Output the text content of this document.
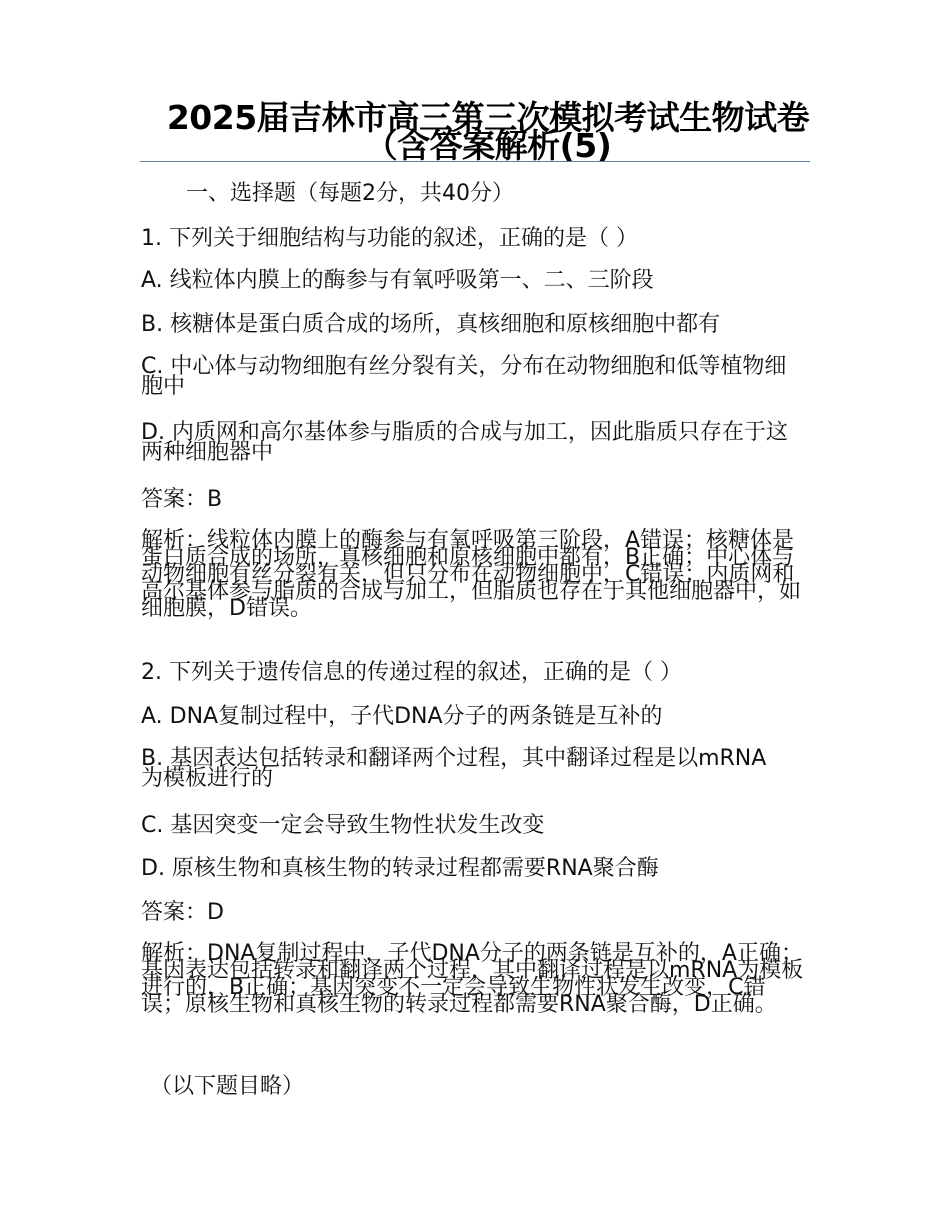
2025届吉林市高三第三次模拟考试生物试卷（含答案解析(5)
一、选择题（每题2分，共40分）
1. 下列关于细胞结构与功能的叙述，正确的是（ ）
A. 线粒体内膜上的酶参与有氧呼吸第一、二、三阶段
B. 核糖体是蛋白质合成的场所，真核细胞和原核细胞中都有
C. 中心体与动物细胞有丝分裂有关，分布在动物细胞和低等植物细胞中
D. 内质网和高尔基体参与脂质的合成与加工，因此脂质只存在于这两种细胞器中
答案：B
解析：线粒体内膜上的酶参与有氧呼吸第三阶段，A错误；核糖体是蛋白质合成的场所，真核细胞和原核细胞中都有，B正确；中心体与动物细胞有丝分裂有关，但只分布在动物细胞中，C错误；内质网和高尔基体参与脂质的合成与加工，但脂质也存在于其他细胞器中，如细胞膜，D错误。
2. 下列关于遗传信息的传递过程的叙述，正确的是（ ）
A. DNA复制过程中，子代DNA分子的两条链是互补的
B. 基因表达包括转录和翻译两个过程，其中翻译过程是以mRNA为模板进行的
C. 基因突变一定会导致生物性状发生改变
D. 原核生物和真核生物的转录过程都需要RNA聚合酶
答案：D
解析：DNA复制过程中，子代DNA分子的两条链是互补的，A正确；基因表达包括转录和翻译两个过程，其中翻译过程是以mRNA为模板进行的，B正确；基因突变不一定会导致生物性状发生改变，C错误；原核生物和真核生物的转录过程都需要RNA聚合酶，D正确。
（以下题目略）
